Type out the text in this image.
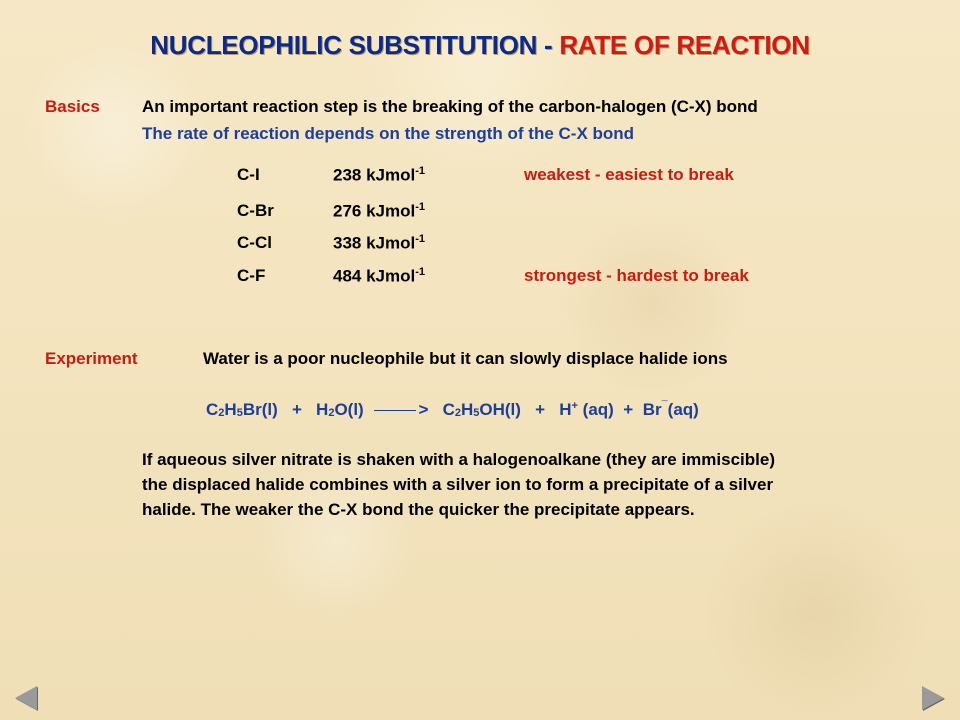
NUCLEOPHILIC SUBSTITUTION - RATE OF REACTION
Basics An important reaction step is the breaking of the carbon-halogen (C-X) bond
The rate of reaction depends on the strength of the C-X bond
C-I	238 kJmol$^{-1}$	weakest - easiest to break
C-Br	276 kJmol$^{-1}$
C-Cl	338 kJmol$^{-1}$
C-F	484 kJmol$^{-1}$	strongest - hardest to break
Experiment	Water is a poor nucleophile but it can slowly displace halide ions
$C_2H_5Br(l) + H_2O(l)$	> $C_2H_5OH(l) + H^+$ (aq) + Br¯(aq)
If aqueous silver nitrate is shaken with a halogenoalkane (they are immiscible)
the displaced halide combines with a silver ion to form a precipitate of a silver
halide. The weaker the C-X bond the quicker the precipitate appears.
